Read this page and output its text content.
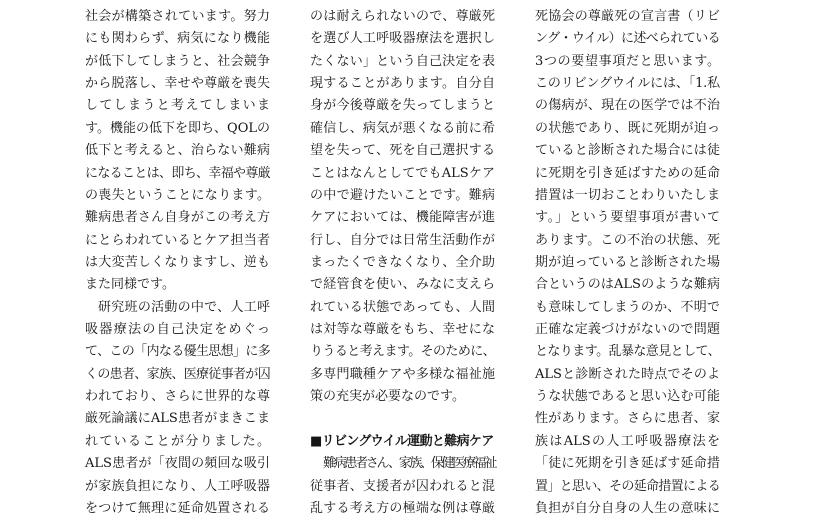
社会が構築されています。努力
にも関わらず、病気になり機能
が低下してしまうと、社会競争
から脱落し、幸せや尊厳を喪失
してしまうと考えてしまいま
す。機能の低下を即ち、QOLの
低下と考えると、治らない難病
になることは、即ち、幸福や尊厳
の喪失ということになります。
難病患者さん自身がこの考え方
にとらわれているとケア担当者
は大変苦しくなりますし、逆も
また同様です。
研究班の活動の中で、人工呼
吸器療法の自己決定をめぐっ
て、この「内なる優生思想」に多
くの患者、家族、医療従事者が囚
われており、さらに世界的な尊
厳死論議にALS患者がまきこま
れていることが分りました。
ALS患者が「夜間の頻回な吸引
が家族負担になり、人工呼吸器
をつけて無理に延命処置される
のは耐えられないので、尊厳死
を選び人工呼吸器療法を選択し
たくない」という自己決定を表
現することがあります。自分自
身が今後尊厳を失ってしまうと
確信し、病気が悪くなる前に希
望を失って、死を自己選択する
ことはなんとしてでもALSケア
の中で避けたいことです。難病
ケアにおいては、機能障害が進
行し、自分では日常生活動作が
まったくできなくなり、全介助
で経管食を使い、みなに支えら
れている状態であっても、人間
は対等な尊厳をもち、幸せにな
りうると考えます。そのために、
多専門職種ケアや多様な福祉施
策の充実が必要なのです。
■リビングウイル運動と難病ケア
難病患者さん、家族、保健医療福祉
従事者、支援者が囚われると混
乱する考え方の極端な例は尊厳
死協会の尊厳死の宣言書（リビ
ング・ウイル）に述べられている
3つの要望事項だと思います。
このリビングウイルには、「1.私
の傷病が、現在の医学では不治
の状態であり、既に死期が迫っ
ていると診断された場合には徒
に死期を引き延ばすための延命
措置は一切おことわりいたしま
す。」という要望事項が書いて
あります。この不治の状態、死
期が迫っていると診断された場
合というのはALSのような難病
も意味してしまうのか、不明で
正確な定義づけがないので問題
となります。乱暴な意見として、
ALSと診断された時点でそのよ
うな状態であると思い込む可能
性があります。さらに患者、家
族はALSの人工呼吸器療法を
「徒に死期を引き延ばす延命措
置」と思い、その延命措置による
負担が自分自身の人生の意味に
